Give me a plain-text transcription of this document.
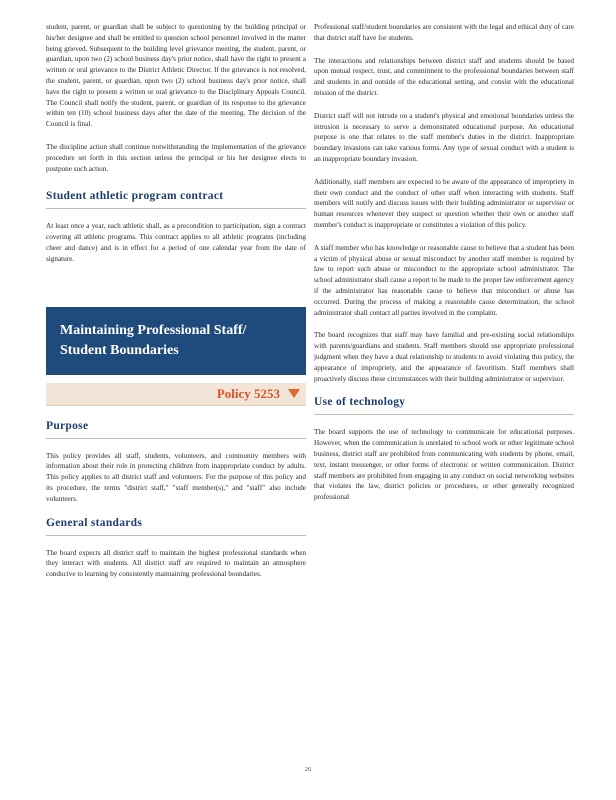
student, parent, or guardian shall be subject to questioning by the building principal or his/her designee and shall be entitled to question school personnel involved in the matter being grieved. Subsequent to the building level grievance meeting, the student, parent, or guardian, upon two (2) school business day's prior notice, shall have the right to present a written or oral grievance to the District Athletic Director. If the grievance is not resolved, the student, parent, or guardian, upon two (2) school business day's prior notice, shall have the right to present a written or oral grievance to the Disciplinary Appeals Council. The Council shall notify the student, parent, or guardian of its response to the grievance within ten (10) school business days after the date of the meeting. The decision of the Council is final.

The discipline action shall continue notwithstanding the implementation of the grievance procedure set forth in this section unless the principal or his her designee elects to postpone such action.

Student athletic program contract

At least once a year, each athletic shall, as a precondition to participation, sign a contract covering all athletic programs. This contract applies to all athletic programs (including cheer and dance) and is in effect for a period of one calendar year from the date of signature.

Maintaining Professional Staff/ Student Boundaries
Policy 5253
Purpose

This policy provides all staff, students, volunteers, and community members with information about their role in protecting children from inappropriate conduct by adults. This policy applies to all district staff and volunteers. For the purpose of this policy and its procedure, the terms "district staff," "staff member(s)," and "staff" also include volunteers.

General standards

The board expects all district staff to maintain the highest professional standards when they interact with students. All district staff are required to maintain an atmosphere conducive to learning by consistently maintaining professional boundaries.

Professional staff/student boundaries are consistent with the legal and ethical duty of care that district staff have for students.

The interactions and relationships between district staff and students should be based upon mutual respect, trust, and commitment to the professional boundaries between staff and students in and outside of the educational setting, and consist with the educational mission of the district.

District staff will not intrude on a student's physical and emotional boundaries unless the intrusion is necessary to serve a demonstrated educational purpose. An educational purpose is one that relates to the staff member's duties in the district. Inappropriate boundary invasions can take various forms. Any type of sexual conduct with a student is an inappropriate boundary invasion.

Additionally, staff members are expected to be aware of the appearance of impropriety in their own conduct and the conduct of other staff when interacting with students. Staff members will notify and discuss issues with their building administrator or supervisor or human resources whenever they suspect or question whether their own or another staff member's conduct is inappropriate or constitutes a violation of this policy.

A staff member who has knowledge or reasonable cause to believe that a student has been a victim of physical abuse or sexual misconduct by another staff member is required by law to report such abuse or misconduct to the appropriate school administrator. The school administrator shall cause a report to be made to the proper law enforcement agency if the administrator has reasonable cause to believe that misconduct or abuse has occurred. During the process of making a reasonable cause determination, the school administrator shall contact all parties involved in the complaint.

The board recognizes that staff may have familial and pre-existing social relationships with parents/guardians and students. Staff members should use appropriate professional judgment when they have a dual relationship to students to avoid violating this policy, the appearance of impropriety, and the appearance of favoritism. Staff members shall proactively discuss these circumstances with their building administrator or supervisor.

Use of technology

The board supports the use of technology to communicate for educational purposes. However, when the communication is unrelated to school work or other legitimate school business, district staff are prohibited from communicating with students by phone, email, text, instant messenger, or other forms of electronic or written communication. District staff members are prohibited from engaging in any conduct on social networking websites that violates the law, district policies or procedures, or other generally recognized professional

26
